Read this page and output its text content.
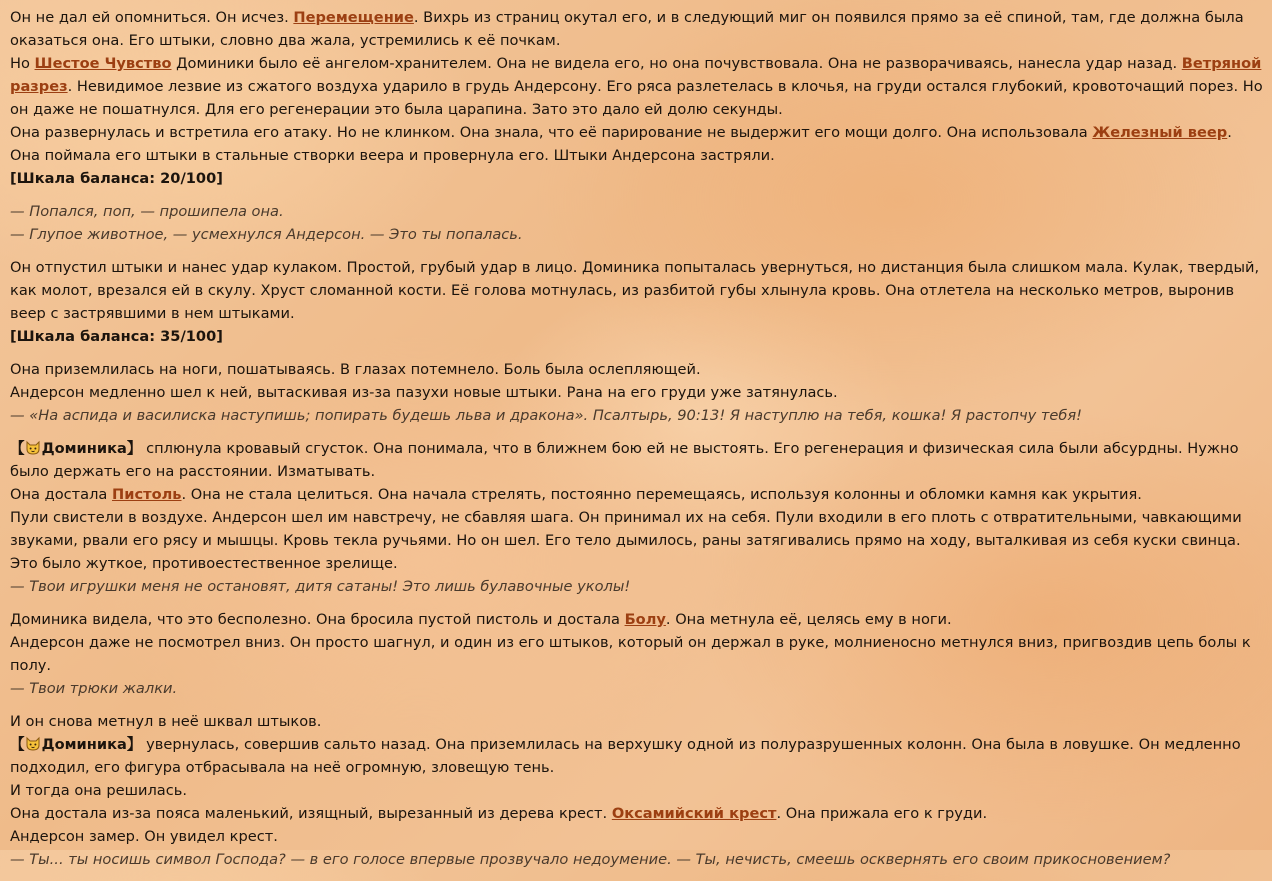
Он не дал ей опомниться. Он исчез. Перемещение. Вихрь из страниц окутал его, и в следующий миг он появился прямо за её спиной, там, где должна была оказаться она. Его штыки, словно два жала, устремились к её почкам.
Но Шестое Чувство Доминики было её ангелом-хранителем. Она не видела его, но она почувствовала. Она не разворачиваясь, нанесла удар назад. Ветряной разрез. Невидимое лезвие из сжатого воздуха ударило в грудь Андерсону. Его ряса разлетелась в клочья, на груди остался глубокий, кровоточащий порез. Но он даже не пошатнулся. Для его регенерации это была царапина. Зато это дало ей долю секунды.
Она развернулась и встретила его атаку. Но не клинком. Она знала, что её парирование не выдержит его мощи долго. Она использовала Железный веер. Она поймала его штыки в стальные створки веера и провернула его. Штыки Андерсона застряли.
[Шкала баланса: 20/100]
— Попался, поп, — прошипела она.
— Глупое животное, — усмехнулся Андерсон. — Это ты попалась.
Он отпустил штыки и нанес удар кулаком. Простой, грубый удар в лицо. Доминика попыталась увернуться, но дистанция была слишком мала. Кулак, твердый, как молот, врезался ей в скулу. Хруст сломанной кости. Её голова мотнулась, из разбитой губы хлынула кровь. Она отлетела на несколько метров, выронив веер с застрявшими в нем штыками.
[Шкала баланса: 35/100]
Она приземлилась на ноги, пошатываясь. В глазах потемнело. Боль была ослепляющей.
Андерсон медленно шел к ней, вытаскивая из-за пазухи новые штыки. Рана на его груди уже затянулась.
— «На аспида и василиска наступишь; попирать будешь льва и дракона». Псалтырь, 90:13! Я наступлю на тебя, кошка! Я растопчу тебя!
【 Доминика】 сплюнула кровавый сгусток. Она понимала, что в ближнем бою ей не выстоять. Его регенерация и физическая сила были абсурдны. Нужно было держать его на расстоянии. Изматывать.
Она достала Пистоль. Она не стала целиться. Она начала стрелять, постоянно перемещаясь, используя колонны и обломки камня как укрытия.
Пули свистели в воздухе. Андерсон шел им навстречу, не сбавляя шага. Он принимал их на себя. Пули входили в его плоть с отвратительными, чавкающими звуками, рвали его рясу и мышцы. Кровь текла ручьями. Но он шел. Его тело дымилось, раны затягивались прямо на ходу, выталкивая из себя куски свинца. Это было жуткое, противоестественное зрелище.
— Твои игрушки меня не остановят, дитя сатаны! Это лишь булавочные уколы!
Доминика видела, что это бесполезно. Она бросила пустой пистоль и достала Болу. Она метнула её, целясь ему в ноги.
Андерсон даже не посмотрел вниз. Он просто шагнул, и один из его штыков, который он держал в руке, молниеносно метнулся вниз, пригвоздив цепь болы к полу.
— Твои трюки жалки.
И он снова метнул в неё шквал штыков.
【 Доминика】 увернулась, совершив сальто назад. Она приземлилась на верхушку одной из полуразрушенных колонн. Она была в ловушке. Он медленно подходил, его фигура отбрасывала на неё огромную, зловещую тень.
И тогда она решилась.
Она достала из-за пояса маленький, изящный, вырезанный из дерева крест. Оксамийский крест. Она прижала его к груди.
Андерсон замер. Он увидел крест.
— Ты... ты носишь символ Господа? — в его голосе впервые прозвучало недоумение. — Ты, нечисть, смеешь осквернять его своим прикосновением?
